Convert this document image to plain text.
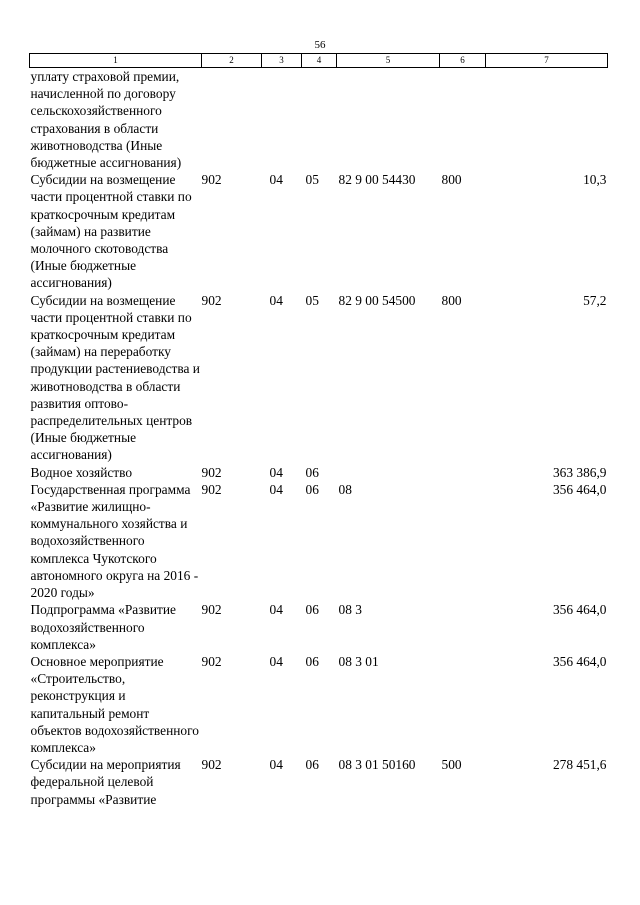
56
1	2	3	4	5	6	7
уплату страховой премии, начисленной по договору сельскохозяйственного страхования в области животноводства (Иные бюджетные ассигнования)						
Субсидии на возмещение части процентной ставки по краткосрочным кредитам (займам) на развитие молочного скотоводства (Иные бюджетные ассигнования)	902	04	05	82 9 00 54430	800	10,3
Субсидии на возмещение части процентной ставки по краткосрочным кредитам (займам) на переработку продукции растениеводства и животноводства в области развития оптово-распределительных центров (Иные бюджетные ассигнования)	902	04	05	82 9 00 54500	800	57,2
Водное хозяйство	902	04	06			363 386,9
Государственная программа «Развитие жилищно-коммунального хозяйства и водохозяйственного комплекса Чукотского автономного округа на 2016 - 2020 годы»	902	04	06	08		356 464,0
Подпрограмма «Развитие водохозяйственного комплекса»	902	04	06	08 3		356 464,0
Основное мероприятие «Строительство, реконструкция и капитальный ремонт объектов водохозяйственного комплекса»	902	04	06	08 3 01		356 464,0
Субсидии на мероприятия федеральной целевой программы «Развитие	902	04	06	08 3 01 50160	500	278 451,6
